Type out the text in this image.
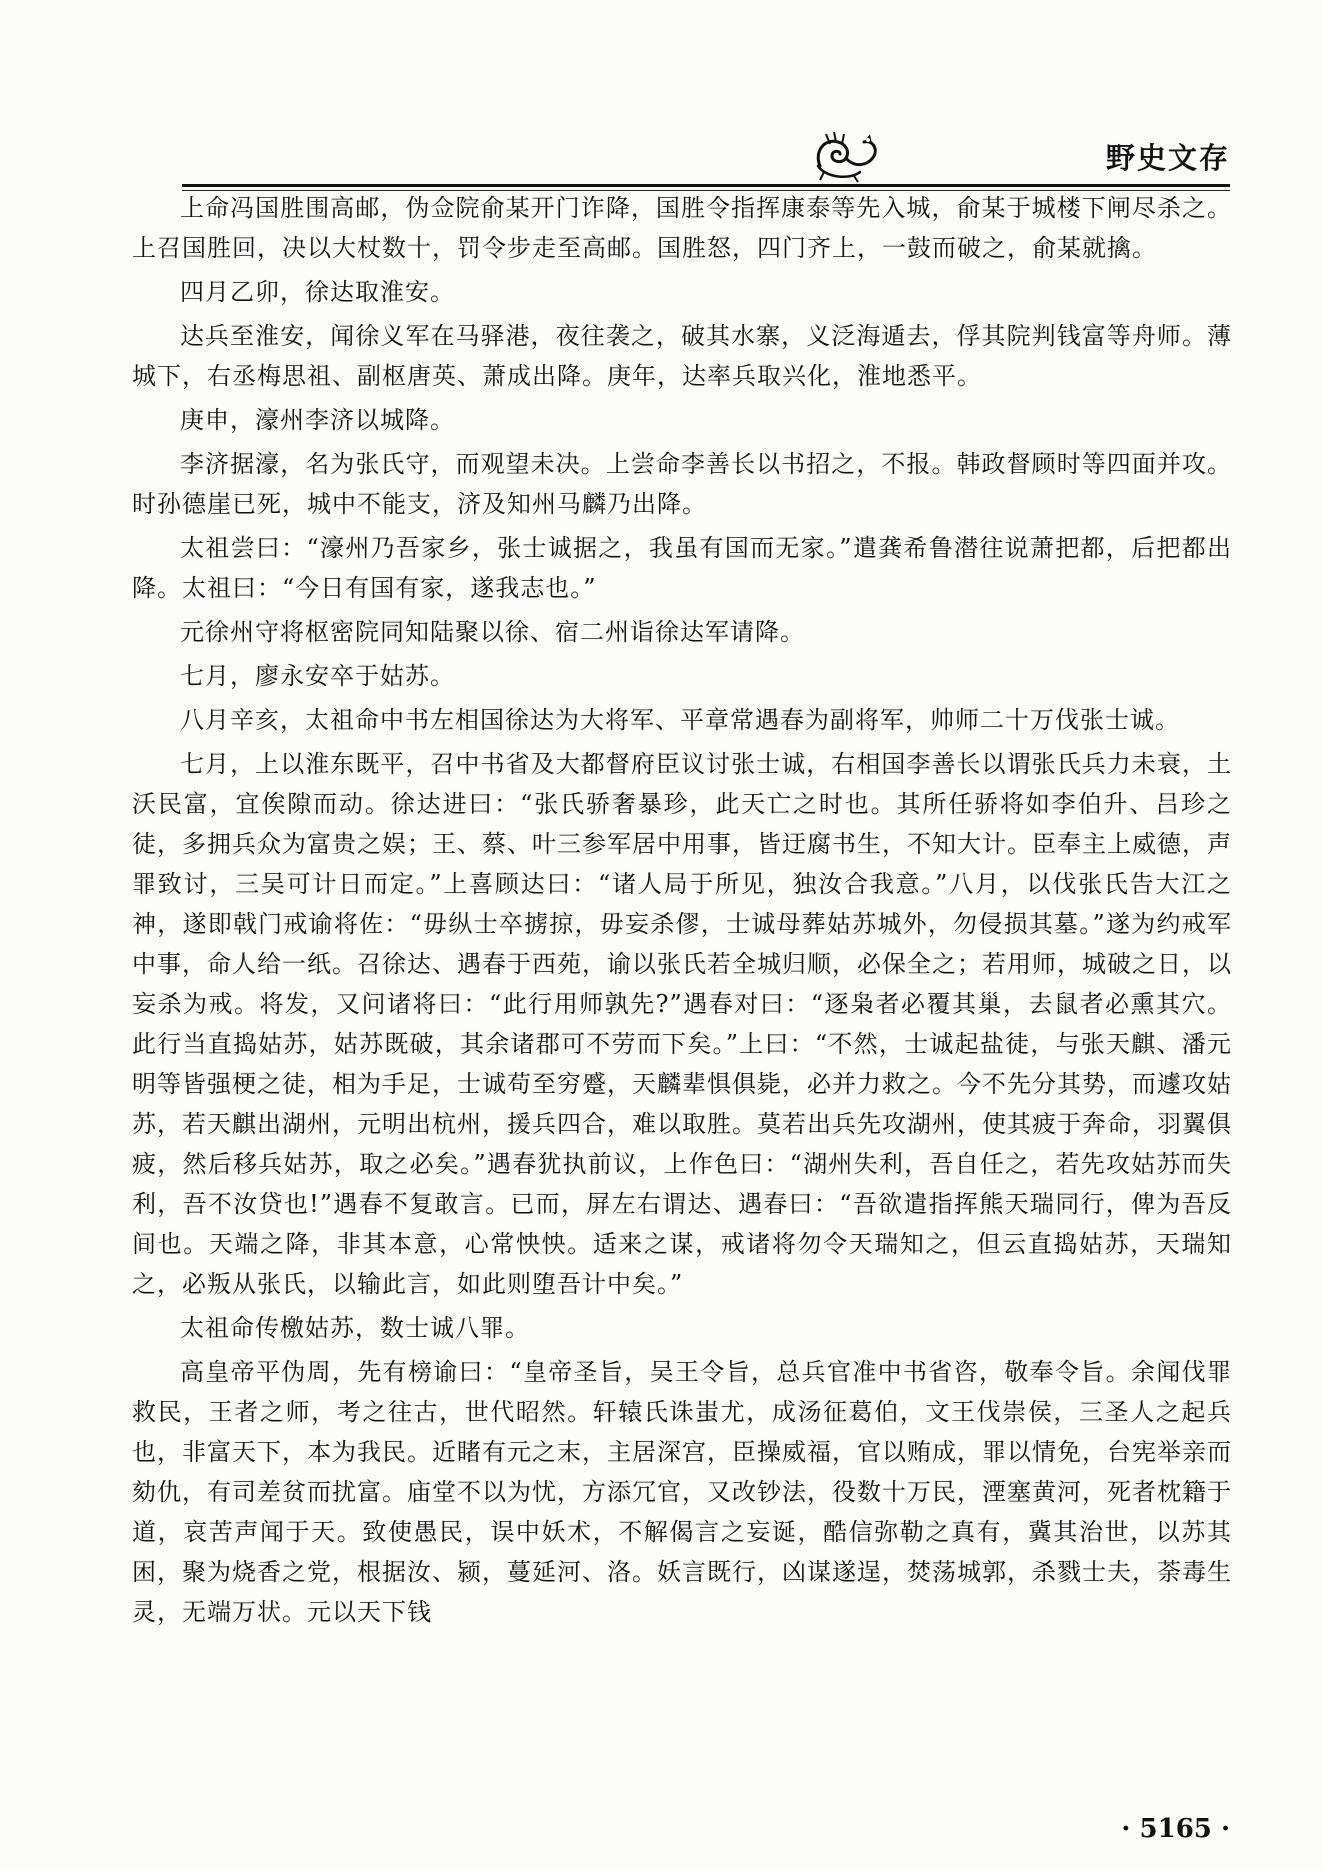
野史文存

上命冯国胜围高邮，伪佥院俞某开门诈降，国胜令指挥康泰等先入城，俞某于城楼下闸尽杀之。上召国胜回，决以大杖数十，罚令步走至高邮。国胜怒，四门齐上，一鼓而破之，俞某就擒。

四月乙卯，徐达取淮安。

达兵至淮安，闻徐义军在马驿港，夜往袭之，破其水寨，义泛海遁去，俘其院判钱富等舟师。薄城下，右丞梅思祖、副枢唐英、萧成出降。庚年，达率兵取兴化，淮地悉平。

庚申，濠州李济以城降。

李济据濠，名为张氏守，而观望未决。上尝命李善长以书招之，不报。韩政督顾时等四面并攻。时孙德崖已死，城中不能支，济及知州马麟乃出降。

太祖尝曰：“濠州乃吾家乡，张士诚据之，我虽有国而无家。”遣龚希鲁潜往说萧把都，后把都出降。太祖曰：“今日有国有家，遂我志也。”

元徐州守将枢密院同知陆聚以徐、宿二州诣徐达军请降。

七月，廖永安卒于姑苏。

八月辛亥，太祖命中书左相国徐达为大将军、平章常遇春为副将军，帅师二十万伐张士诚。

七月，上以淮东既平，召中书省及大都督府臣议讨张士诚，右相国李善长以谓张氏兵力未衰，土沃民富，宜俟隙而动。徐达进曰：“张氏骄奢暴珍，此天亡之时也。其所任骄将如李伯升、吕珍之徒，多拥兵众为富贵之娱；王、蔡、叶三参军居中用事，皆迂腐书生，不知大计。臣奉主上威德，声罪致讨，三吴可计日而定。”上喜顾达曰：“诸人局于所见，独汝合我意。”八月，以伐张氏告大江之神，遂即戟门戒谕将佐：“毋纵士卒掳掠，毋妄杀僇，士诚母葬姑苏城外，勿侵损其墓。”遂为约戒军中事，命人给一纸。召徐达、遇春于西苑，谕以张氏若全城归顺，必保全之；若用师，城破之日，以妄杀为戒。将发，又问诸将曰：“此行用师孰先?”遇春对曰：“逐枭者必覆其巢，去鼠者必熏其穴。此行当直捣姑苏，姑苏既破，其余诸郡可不劳而下矣。”上曰：“不然，士诚起盐徒，与张天麒、潘元明等皆强梗之徒，相为手足，士诚苟至穷蹙，天麟辈惧俱毙，必并力救之。今不先分其势，而遽攻姑苏，若天麒出湖州，元明出杭州，援兵四合，难以取胜。莫若出兵先攻湖州，使其疲于奔命，羽翼俱疲，然后移兵姑苏，取之必矣。”遇春犹执前议，上作色曰：“湖州失利，吾自任之，若先攻姑苏而失利，吾不汝贷也!”遇春不复敢言。已而，屏左右谓达、遇春曰：“吾欲遣指挥熊天瑞同行，俾为吾反间也。天端之降，非其本意，心常怏怏。适来之谋，戒诸将勿令天瑞知之，但云直捣姑苏，天瑞知之，必叛从张氏，以输此言，如此则堕吾计中矣。”

太祖命传檄姑苏，数士诚八罪。

高皇帝平伪周，先有榜谕曰：“皇帝圣旨，吴王令旨，总兵官准中书省咨，敬奉令旨。余闻伐罪救民，王者之师，考之往古，世代昭然。轩辕氏诛蚩尤，成汤征葛伯，文王伐崇侯，三圣人之起兵也，非富天下，本为我民。近睹有元之末，主居深宫，臣操威福，官以贿成，罪以情免，台宪举亲而劾仇，有司差贫而扰富。庙堂不以为忧，方添冗官，又改钞法，役数十万民，湮塞黄河，死者枕籍于道，哀苦声闻于天。致使愚民，误中妖术，不解偈言之妄诞，酷信弥勒之真有，冀其治世，以苏其困，聚为烧香之党，根据汝、颍，蔓延河、洛。妖言既行，凶谋遂逞，焚荡城郭，杀戮士夫，荼毒生灵，无端万状。元以天下钱

· 5165 ·
